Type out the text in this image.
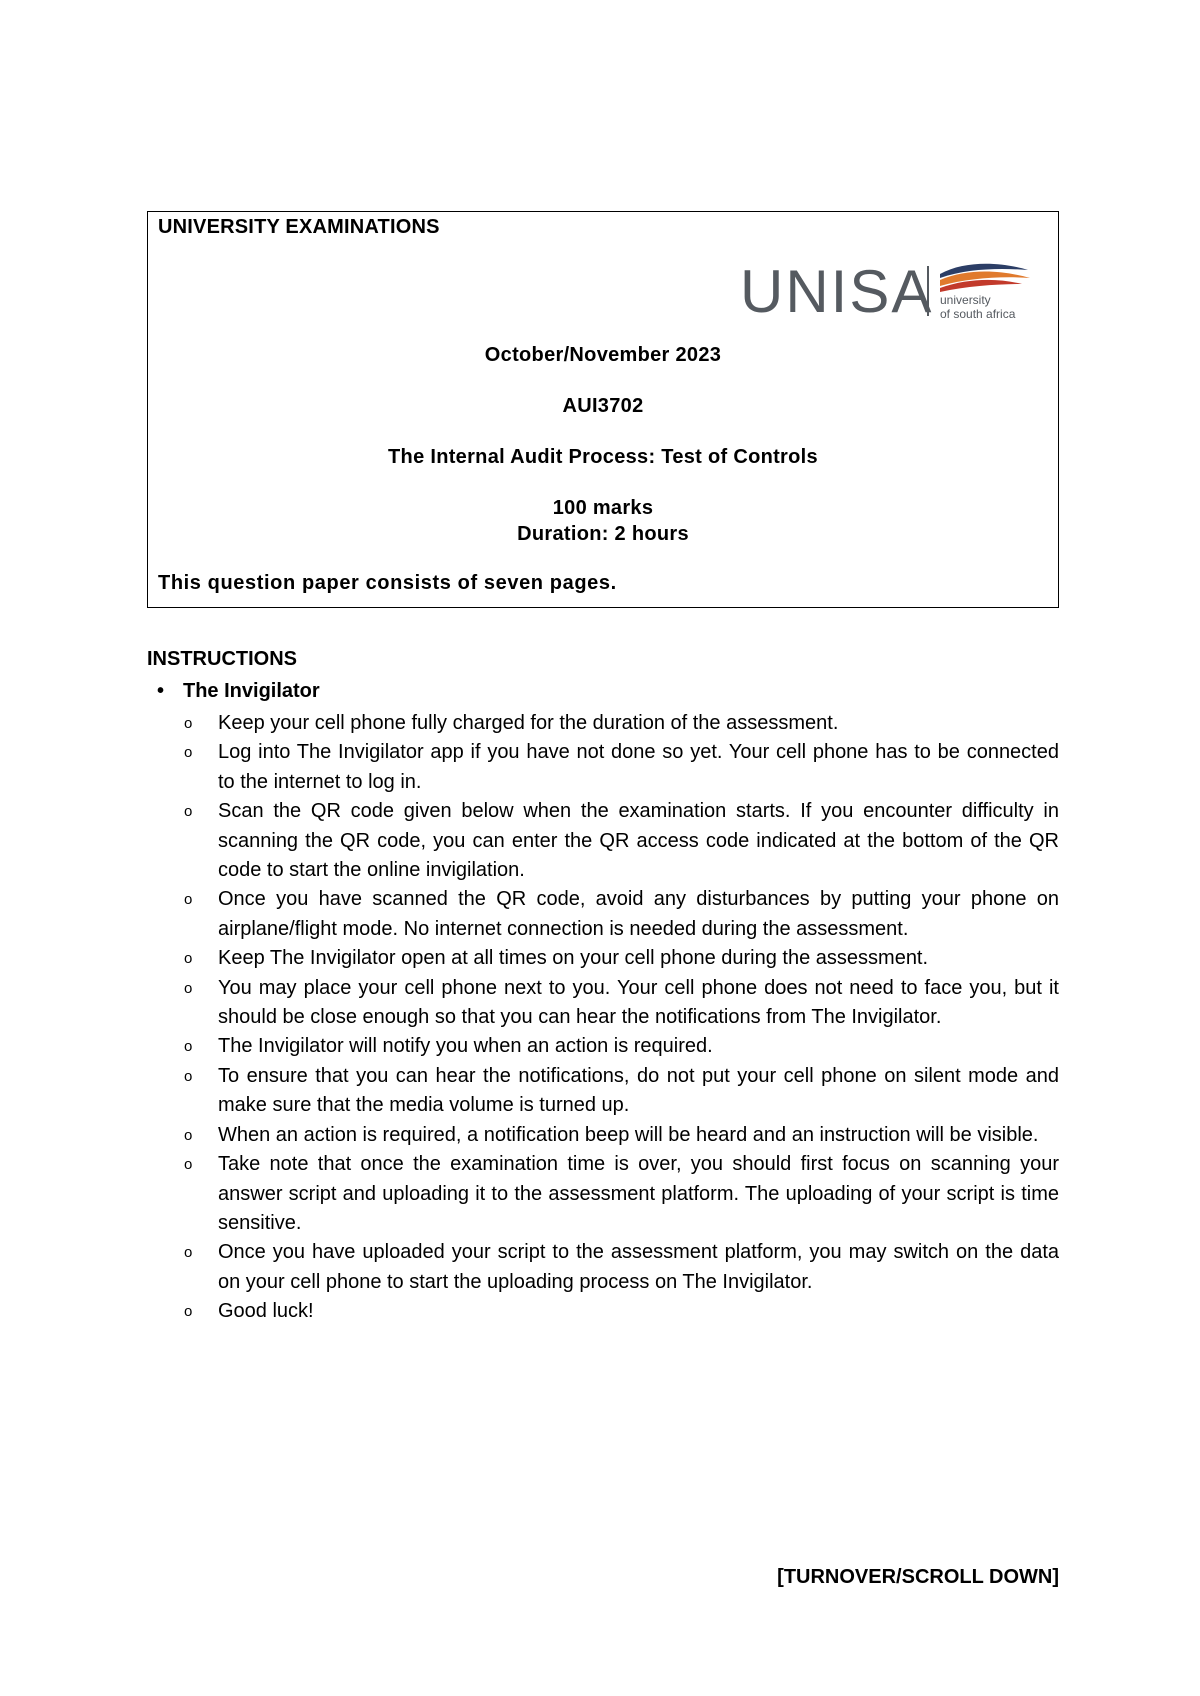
UNIVERSITY EXAMINATIONS
UNISA university
of south africa
October/November 2023
AUI3702
The Internal Audit Process: Test of Controls
100 marks
Duration: 2 hours
This question paper consists of seven pages.
INSTRUCTIONS
• The Invigilator
o Keep your cell phone fully charged for the duration of the assessment.
o Log into The Invigilator app if you have not done so yet. Your cell phone has to be connected to the internet to log in.
o Scan the QR code given below when the examination starts. If you encounter difficulty in scanning the QR code, you can enter the QR access code indicated at the bottom of the QR code to start the online invigilation.
o Once you have scanned the QR code, avoid any disturbances by putting your phone on airplane/flight mode. No internet connection is needed during the assessment.
o Keep The Invigilator open at all times on your cell phone during the assessment.
o You may place your cell phone next to you. Your cell phone does not need to face you, but it should be close enough so that you can hear the notifications from The Invigilator.
o The Invigilator will notify you when an action is required.
o To ensure that you can hear the notifications, do not put your cell phone on silent mode and make sure that the media volume is turned up.
o When an action is required, a notification beep will be heard and an instruction will be visible.
o Take note that once the examination time is over, you should first focus on scanning your answer script and uploading it to the assessment platform. The uploading of your script is time sensitive.
o Once you have uploaded your script to the assessment platform, you may switch on the data on your cell phone to start the uploading process on The Invigilator.
o Good luck!
[TURNOVER/SCROLL DOWN]
